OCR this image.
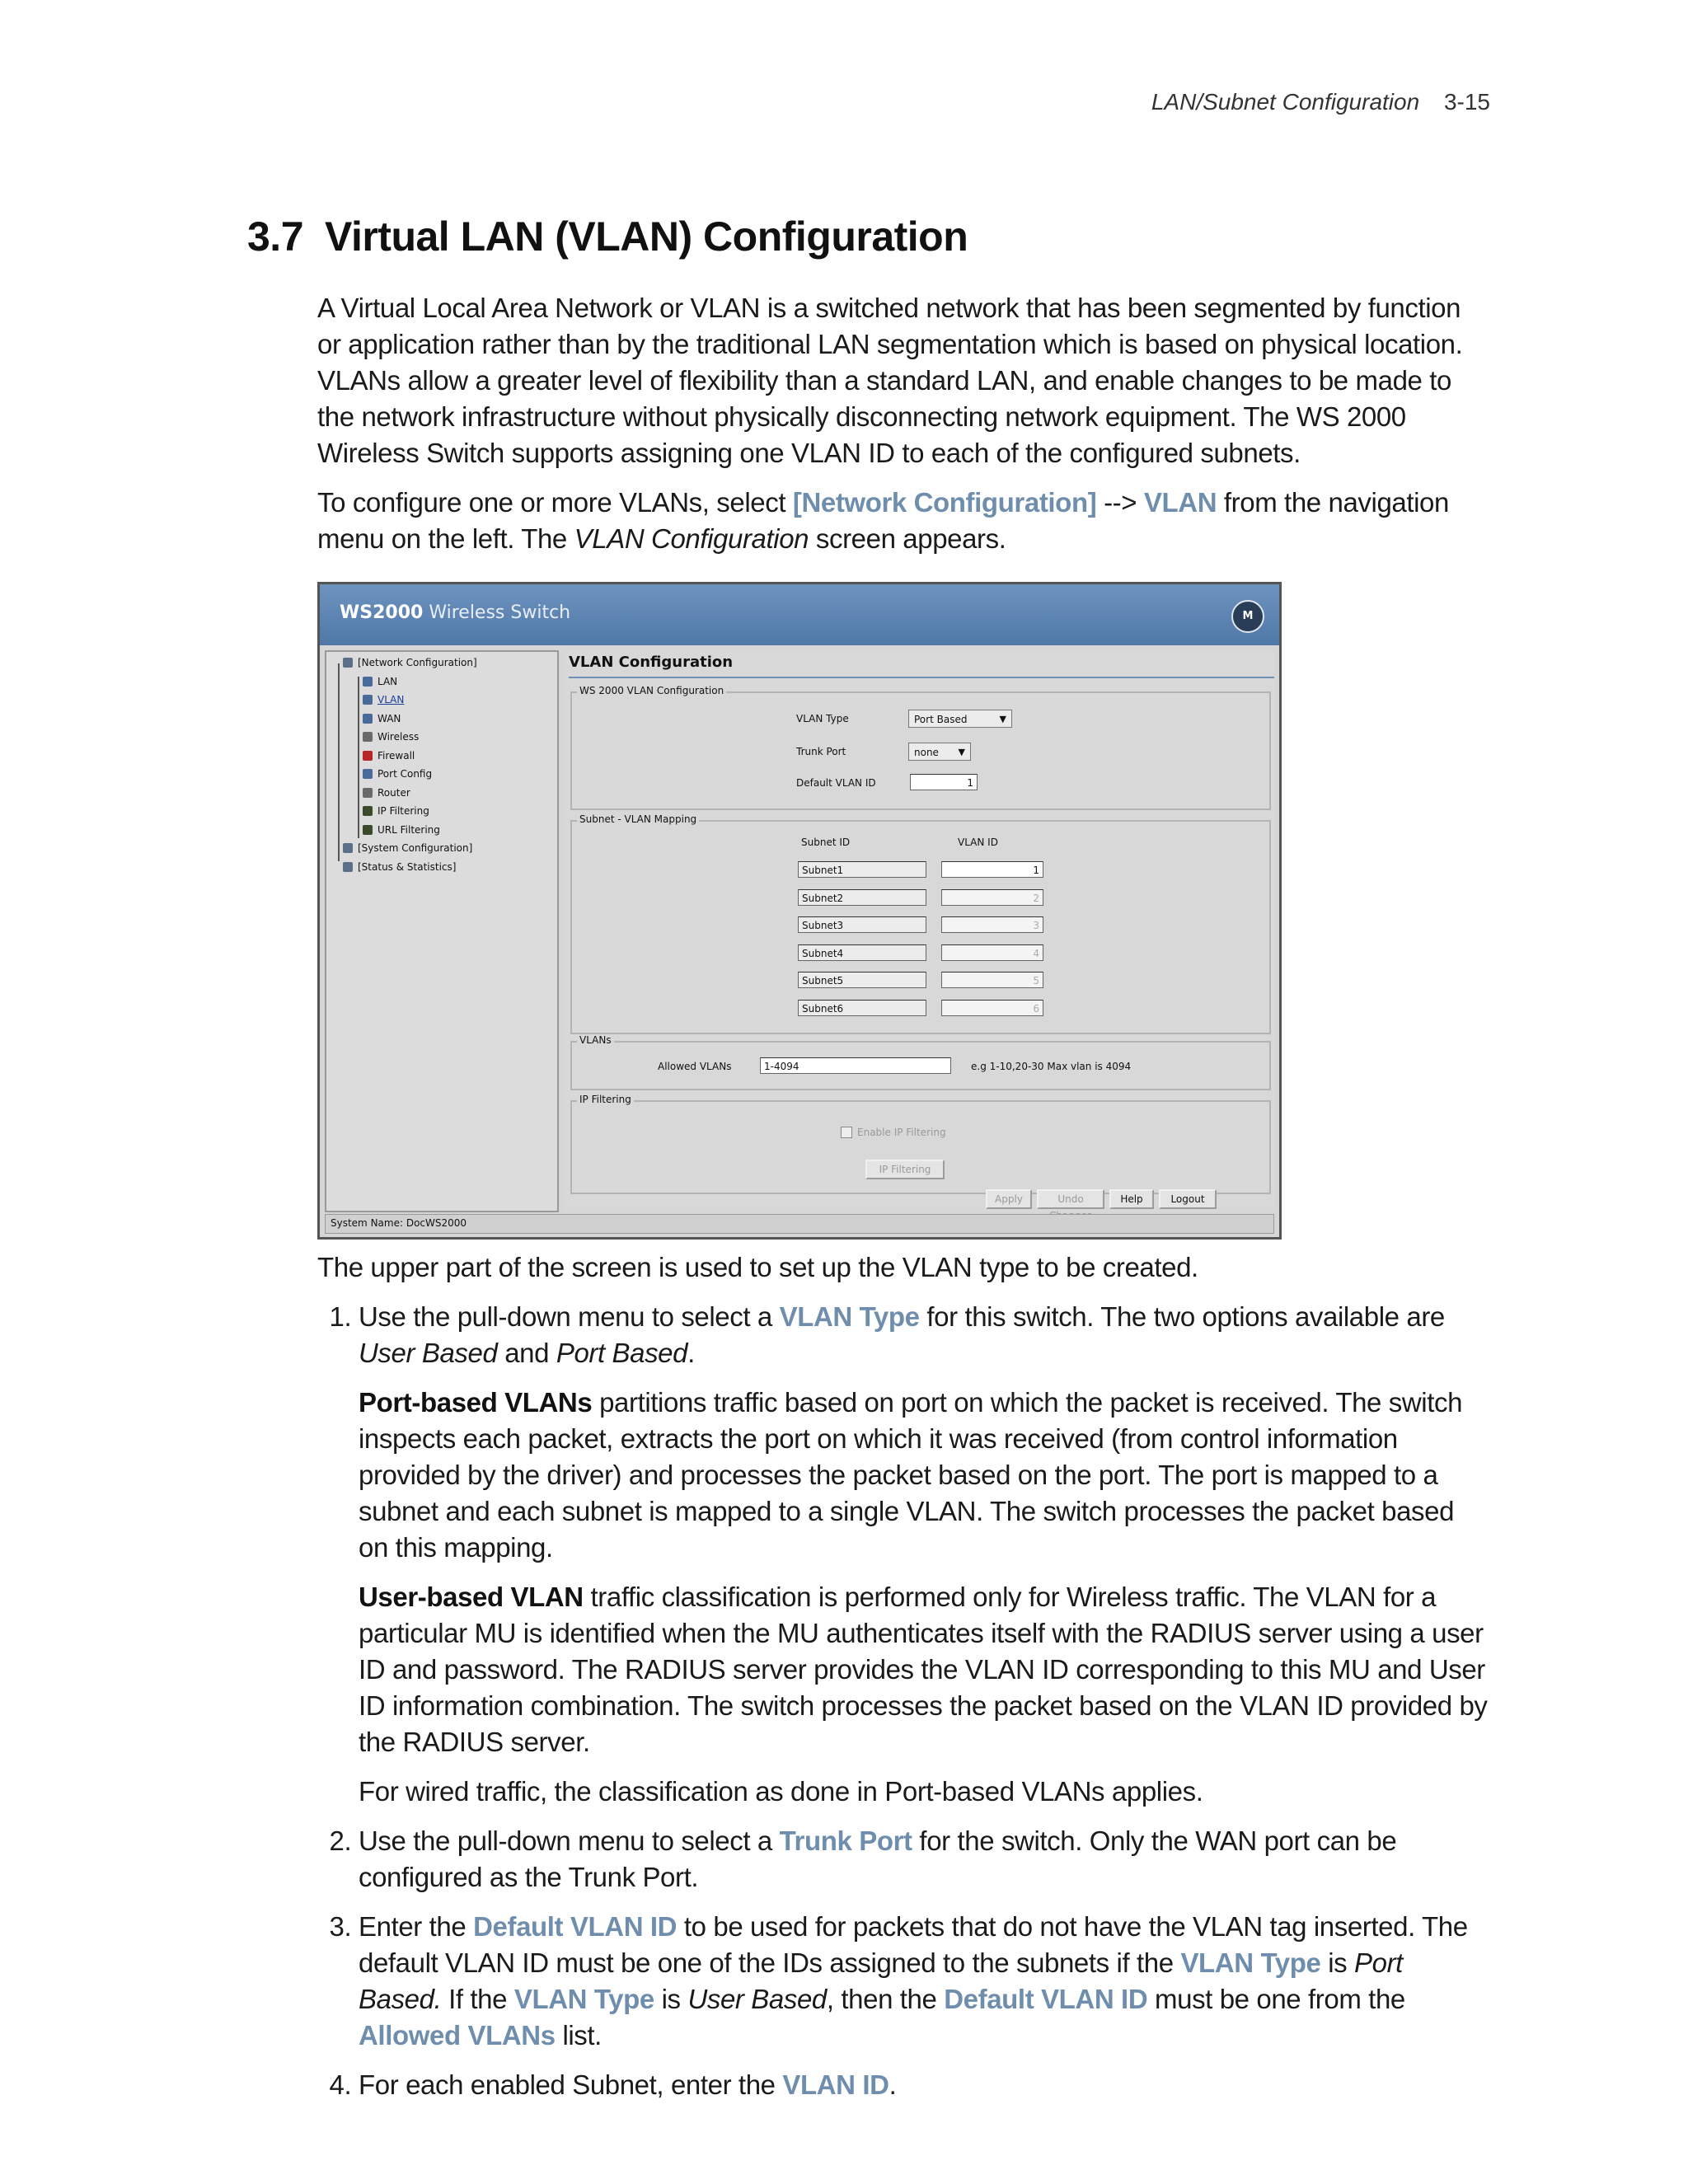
LAN/Subnet Configuration 3-15
3.7 Virtual LAN (VLAN) Configuration

A Virtual Local Area Network or VLAN is a switched network that has been segmented by function or application rather than by the traditional LAN segmentation which is based on physical location. VLANs allow a greater level of flexibility than a standard LAN, and enable changes to be made to the network infrastructure without physically disconnecting network equipment. The WS 2000 Wireless Switch supports assigning one VLAN ID to each of the configured subnets.

To configure one or more VLANs, select [Network Configuration] --> VLAN from the navigation menu on the left. The VLAN Configuration screen appears.

WS2000 Wireless Switch	M
[Network Configuration]
LAN
VLAN
WAN
Wireless
Firewall
Port Config
Router
IP Filtering
URL Filtering
[System Configuration]
[Status & Statistics]
VLAN Configuration
WS 2000 VLAN Configuration
VLAN Type	Port Based	▼
Trunk Port	none ▼
Default VLAN ID	1
Subnet - VLAN Mapping
Subnet ID	VLAN ID
Subnet1	1
Subnet2	2
Subnet3	3
Subnet4	4
Subnet5	5
Subnet6	6
VLANs
Allowed VLANs	1-4094	e.g 1-10,20-30 Max vlan is 4094
IP Filtering
Enable IP Filtering
IP Filtering
Apply	Undo	Help	Logout
System Name: DocWS2000

The upper part of the screen is used to set up the VLAN type to be created.

1. Use the pull-down menu to select a VLAN Type for this switch. The two options available are User Based and Port Based.

Port-based VLANs partitions traffic based on port on which the packet is received. The switch inspects each packet, extracts the port on which it was received (from control information provided by the driver) and processes the packet based on the port. The port is mapped to a subnet and each subnet is mapped to a single VLAN. The switch processes the packet based on this mapping.

User-based VLAN traffic classification is performed only for Wireless traffic. The VLAN for a particular MU is identified when the MU authenticates itself with the RADIUS server using a user ID and password. The RADIUS server provides the VLAN ID corresponding to this MU and User ID information combination. The switch processes the packet based on the VLAN ID provided by the RADIUS server.

For wired traffic, the classification as done in Port-based VLANs applies.

2. Use the pull-down menu to select a Trunk Port for the switch. Only the WAN port can be configured as the Trunk Port.

3. Enter the Default VLAN ID to be used for packets that do not have the VLAN tag inserted. The default VLAN ID must be one of the IDs assigned to the subnets if the VLAN Type is Port Based. If the VLAN Type is User Based, then the Default VLAN ID must be one from the Allowed VLANs list.

4. For each enabled Subnet, enter the VLAN ID.
